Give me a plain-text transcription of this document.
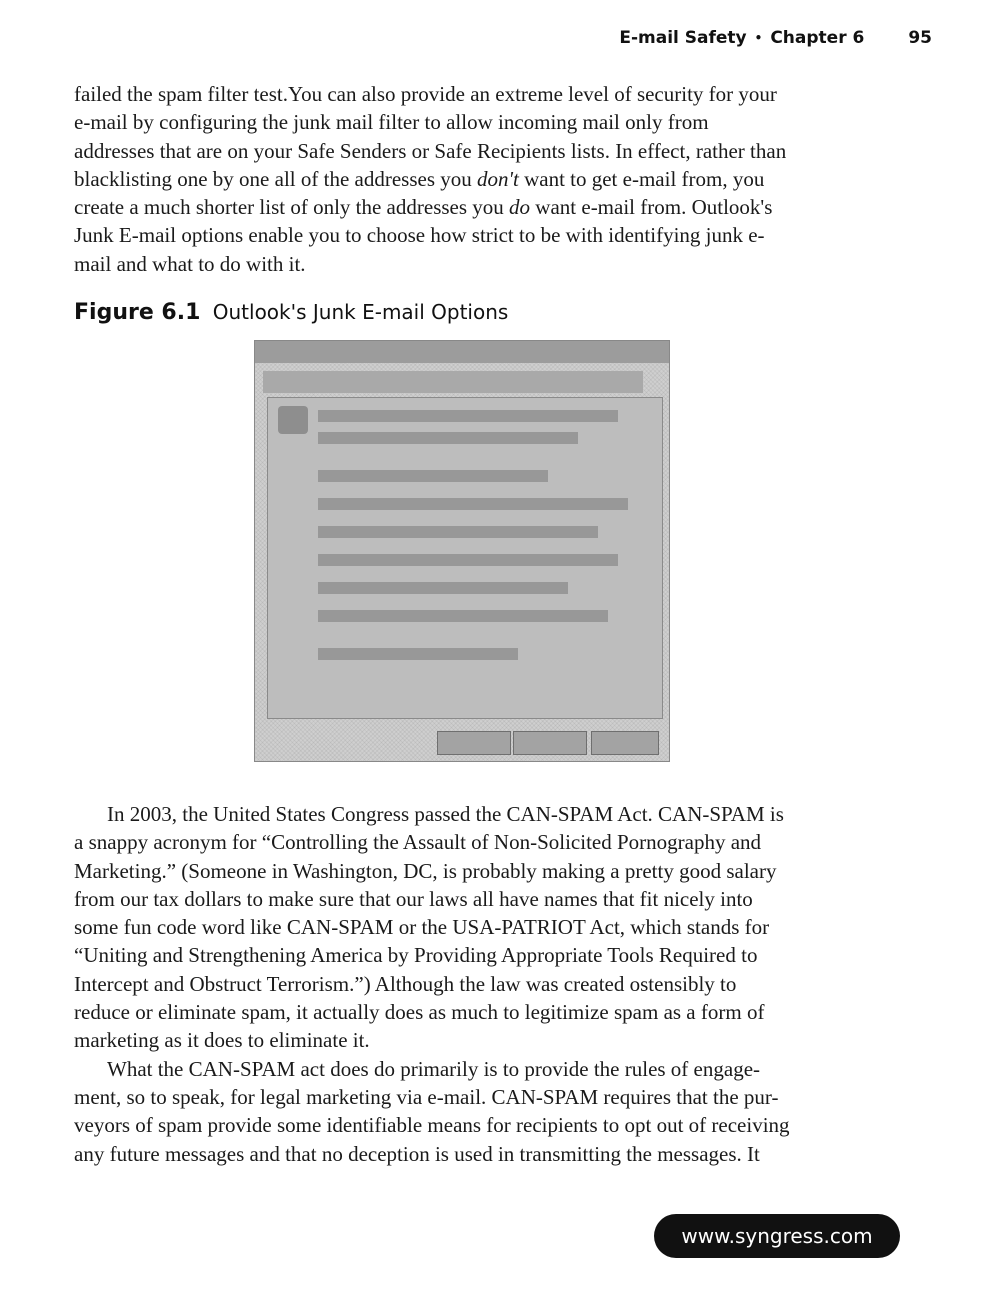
E-mail Safety • Chapter 6	95

failed the spam filter test.You can also provide an extreme level of security for your
e-mail by configuring the junk mail filter to allow incoming mail only from
addresses that are on your Safe Senders or Safe Recipients lists. In effect, rather than
blacklisting one by one all of the addresses you don't want to get e-mail from, you
create a much shorter list of only the addresses you do want e-mail from. Outlook's
Junk E-mail options enable you to choose how strict to be with identifying junk e-
mail and what to do with it.

Figure 6.1 Outlook's Junk E-mail Options

In 2003, the United States Congress passed the CAN-SPAM Act. CAN-SPAM is
a snappy acronym for “Controlling the Assault of Non-Solicited Pornography and
Marketing.” (Someone in Washington, DC, is probably making a pretty good salary
from our tax dollars to make sure that our laws all have names that fit nicely into
some fun code word like CAN-SPAM or the USA-PATRIOT Act, which stands for
“Uniting and Strengthening America by Providing Appropriate Tools Required to
Intercept and Obstruct Terrorism.”) Although the law was created ostensibly to
reduce or eliminate spam, it actually does as much to legitimize spam as a form of
marketing as it does to eliminate it.
What the CAN-SPAM act does do primarily is to provide the rules of engage-
ment, so to speak, for legal marketing via e-mail. CAN-SPAM requires that the pur-
veyors of spam provide some identifiable means for recipients to opt out of receiving
any future messages and that no deception is used in transmitting the messages. It

www.syngress.com
